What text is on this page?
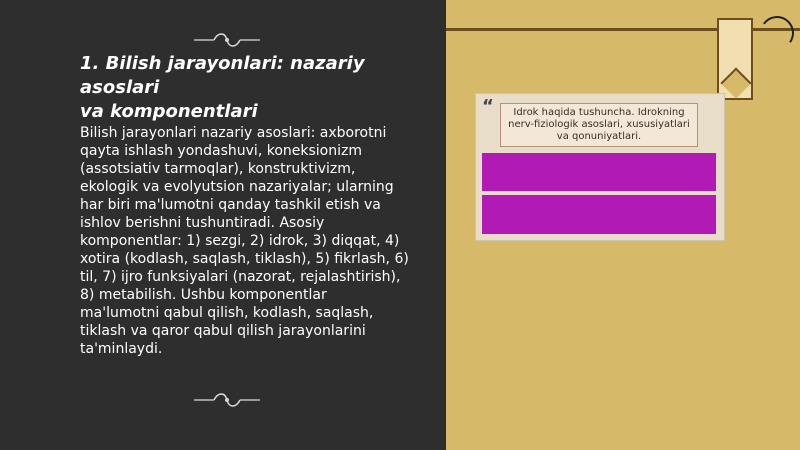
1. Bilish jarayonlari: nazariy asoslari
va komponentlari
Bilish jarayonlari nazariy asoslari: axborotni qayta ishlash yondashuvi, koneksionizm (assotsiativ tarmoqlar), konstruktivizm, ekologik va evolyutsion nazariyalar; ularning har biri ma'lumotni qanday tashkil etish va ishlov berishni tushuntiradi. Asosiy komponentlar: 1) sezgi, 2) idrok, 3) diqqat, 4) xotira (kodlash, saqlash, tiklash), 5) fikrlash, 6) til, 7) ijro funksiyalari (nazorat, rejalashtirish), 8) metabilish. Ushbu komponentlar ma'lumotni qabul qilish, kodlash, saqlash, tiklash va qaror qabul qilish jarayonlarini ta'minlaydi.
“	Idrok haqida tushuncha. Idrokning
nerv-fiziologik asoslari, xususiyatlari
va qonuniyatlari.
